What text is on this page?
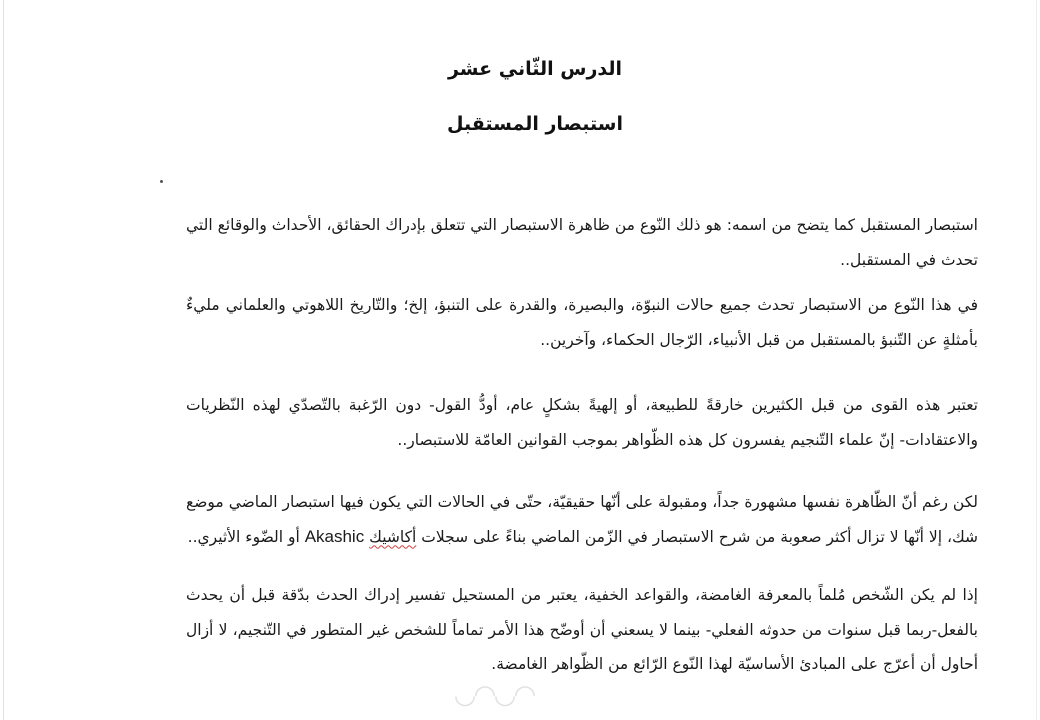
الدرس الثّاني عشر
استبصار المستقبل

استبصار المستقبل كما يتضح من اسمه: هو ذلك النّوع من ظاهرة الاستبصار التي تتعلق بإدراك الحقائق، الأحداث والوقائع التي تحدث في المستقبل..

في هذا النّوع من الاستبصار تحدث جميع حالات النبوّة، والبصيرة، والقدرة على التنبؤ، إلخ؛ والتّاريخ اللاهوتي والعلماني مليءٌ بأمثلةٍ عن التّنبؤ بالمستقبل من قبل الأنبياء، الرّجال الحكماء، وآخرين..

تعتبر هذه القوى من قبل الكثيرين خارقةً للطبيعة، أو إلهيةً بشكلٍ عام، أودُّ القول- دون الرّغبة بالتّصدّي لهذه النّظريات والاعتقادات- إنّ علماء التّنجيم يفسرون كل هذه الظّواهر بموجب القوانين العامّة للاستبصار..

لكن رغم أنّ الظّاهرة نفسها مشهورة جداً، ومقبولة على أنّها حقيقيّة، حتّى في الحالات التي يكون فيها استبصار الماضي موضع شك، إلا أنّها لا تزال أكثر صعوبة من شرح الاستبصار في الزّمن الماضي بناءً على سجلات أكاشيك Akashic أو الضّوء الأثيري..

إذا لم يكن الشّخص مُلماً بالمعرفة الغامضة، والقواعد الخفية، يعتبر من المستحيل تفسير إدراك الحدث بدّقة قبل أن يحدث بالفعل-ربما قبل سنوات من حدوثه الفعلي- بينما لا يسعني أن أوضّح هذا الأمر تماماً للشخص غير المتطور في التّنجيم، لا أزال أحاول أن أعرّج على المبادئ الأساسيّة لهذا النّوع الرّائع من الظّواهر الغامضة.

◠◡◠◡
